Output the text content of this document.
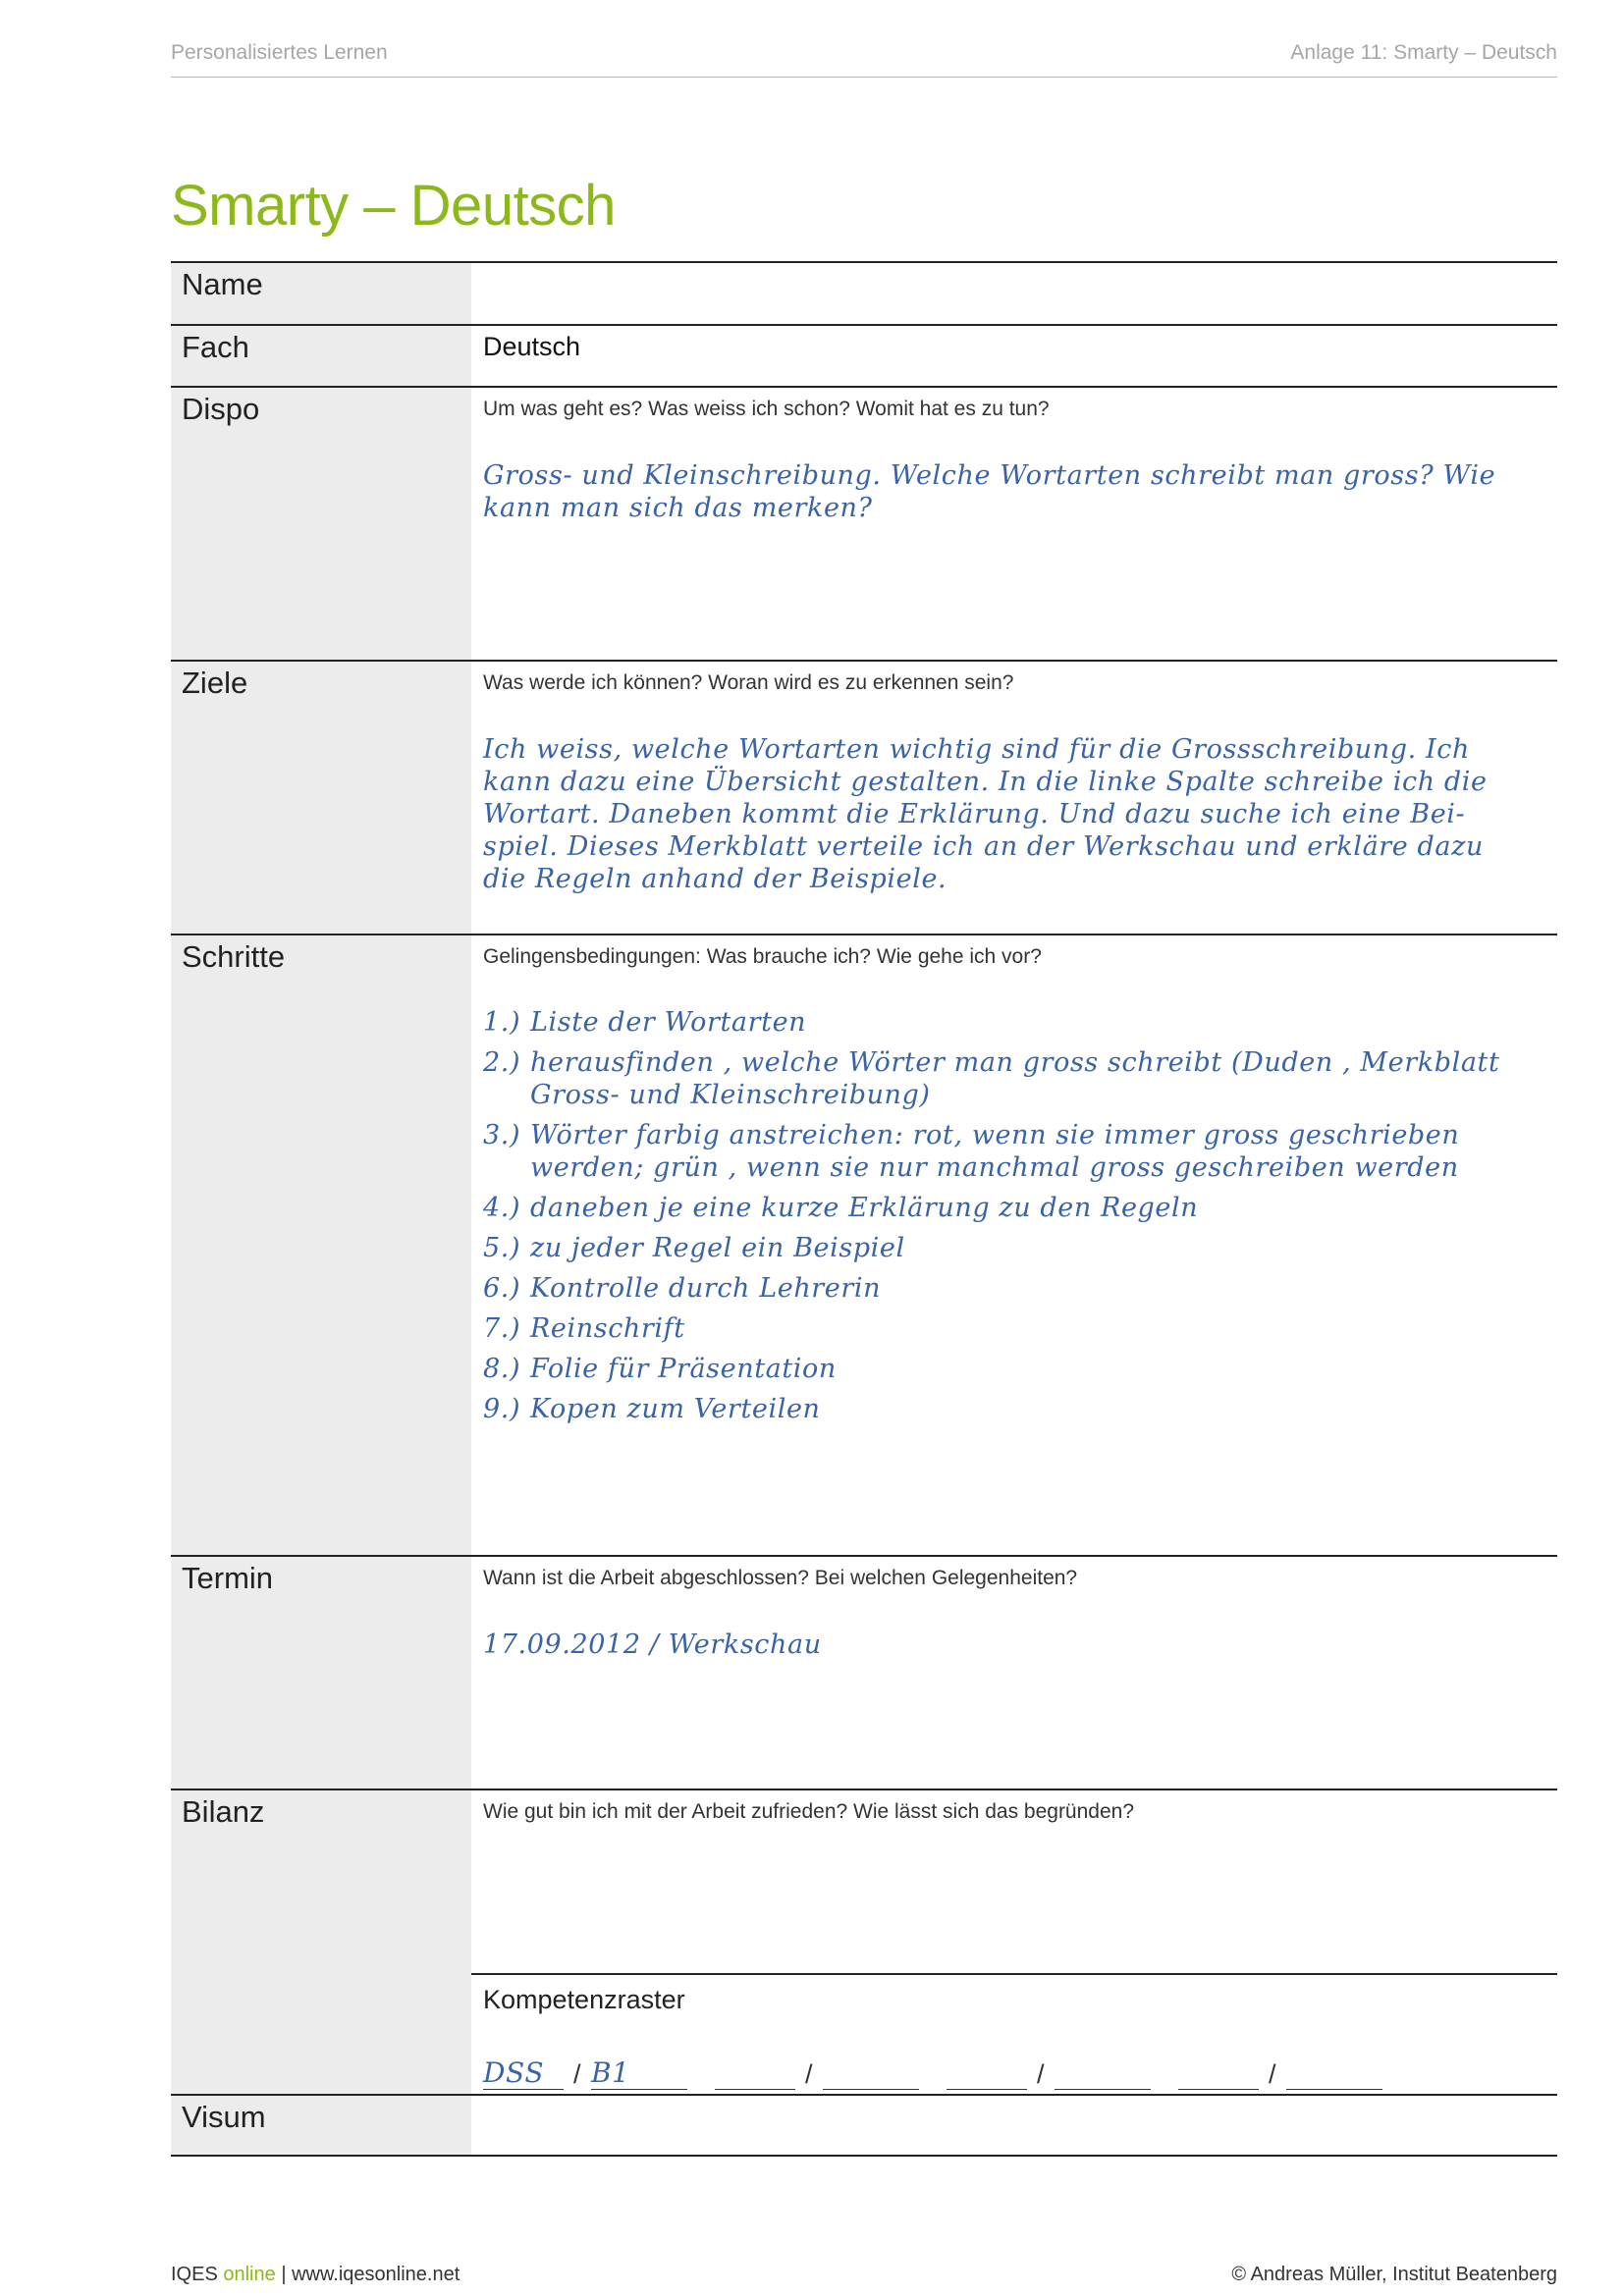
Personalisiertes Lernen	Anlage 11: Smarty – Deutsch
Smarty – Deutsch
Name
Fach	Deutsch
Dispo	Um was geht es? Was weiss ich schon? Womit hat es zu tun?
Gross- und Kleinschreibung. Welche Wortarten schreibt man gross? Wie kann man sich das merken?
Ziele	Was werde ich können? Woran wird es zu erkennen sein?
Ich weiss, welche Wortarten wichtig sind für die Grossschreibung. Ich kann dazu eine Übersicht gestalten. In die linke Spalte schreibe ich die Wortart. Daneben kommt die Erklärung. Und dazu suche ich eine Bei-spiel. Dieses Merkblatt verteile ich an der Werkschau und erkläre dazu die Regeln anhand der Beispiele.
Schritte	Gelingensbedingungen: Was brauche ich? Wie gehe ich vor?
1.) Liste der Wortarten
2.) herausfinden , welche Wörter man gross schreibt (Duden , Merkblatt Gross- und Kleinschreibung)
3.) Wörter farbig anstreichen: rot, wenn sie immer gross geschrieben werden; grün , wenn sie nur manchmal gross geschreiben werden
4.) daneben je eine kurze Erklärung zu den Regeln
5.) zu jeder Regel ein Beispiel
6.) Kontrolle durch Lehrerin
7.) Reinschrift
8.) Folie für Präsentation
9.) Kopen zum Verteilen
Termin	Wann ist die Arbeit abgeschlossen? Bei welchen Gelegenheiten?
17.09.2012 / Werkschau
Bilanz	Wie gut bin ich mit der Arbeit zufrieden? Wie lässt sich das begründen?
Kompetenzraster
DSS / B1	/	/	/
Visum
IQES online | www.iqesonline.net	© Andreas Müller, Institut Beatenberg
